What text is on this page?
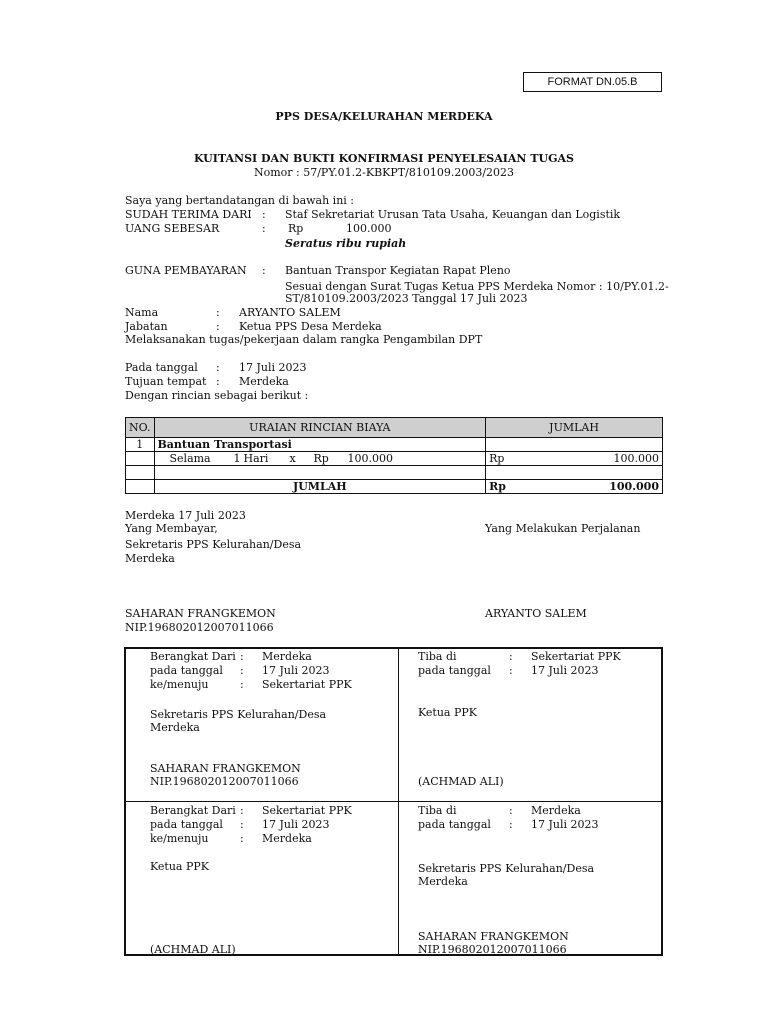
FORMAT DN.05.B
PPS DESA/KELURAHAN MERDEKA
KUITANSI DAN BUKTI KONFIRMASI PENYELESAIAN TUGAS
Nomor : 57/PY.01.2-KBKPT/810109.2003/2023
Saya yang bertandatangan di bawah ini :
SUDAH TERIMA DARI : Staf Sekretariat Urusan Tata Usaha, Keuangan dan Logistik
UANG SEBESAR	: Rp	100.000
Seratus ribu rupiah
GUNA PEMBAYARAN : Bantuan Transpor Kegiatan Rapat Pleno
Sesuai dengan Surat Tugas Ketua PPS Merdeka Nomor : 10/PY.01.2-
ST/810109.2003/2023 Tanggal 17 Juli 2023
Nama	: ARYANTO SALEM
Jabatan	: Ketua PPS Desa Merdeka
Melaksanakan tugas/pekerjaan dalam rangka Pengambilan DPT
Pada tanggal : 17 Juli 2023
Tujuan tempat : Merdeka
Dengan rincian sebagai berikut :
NO.	URAIAN RINCIAN BIAYA	JUMLAH
1	Bantuan Transportasi	
	Selama 1 Hari x Rp 100.000	Rp 100.000

	JUMLAH	Rp 100.000
Merdeka 17 Juli 2023
Yang Membayar,	Yang Melakukan Perjalanan
Sekretaris PPS Kelurahan/Desa
Merdeka
SAHARAN FRANGKEMON	ARYANTO SALEM
NIP.196802012007011066
Berangkat Dari : Merdeka
pada tanggal : 17 Juli 2023
ke/menuju	: Sekertariat PPK
Sekretaris PPS Kelurahan/Desa
Merdeka
SAHARAN FRANGKEMON
NIP.196802012007011066
Tiba di	: Sekertariat PPK
pada tanggal : 17 Juli 2023
Ketua PPK
(ACHMAD ALI)
Berangkat Dari : Sekertariat PPK
pada tanggal : 17 Juli 2023
ke/menuju	: Merdeka
Ketua PPK
(ACHMAD ALI)
Tiba di	: Merdeka
pada tanggal : 17 Juli 2023
Sekretaris PPS Kelurahan/Desa
Merdeka
SAHARAN FRANGKEMON
NIP.196802012007011066
